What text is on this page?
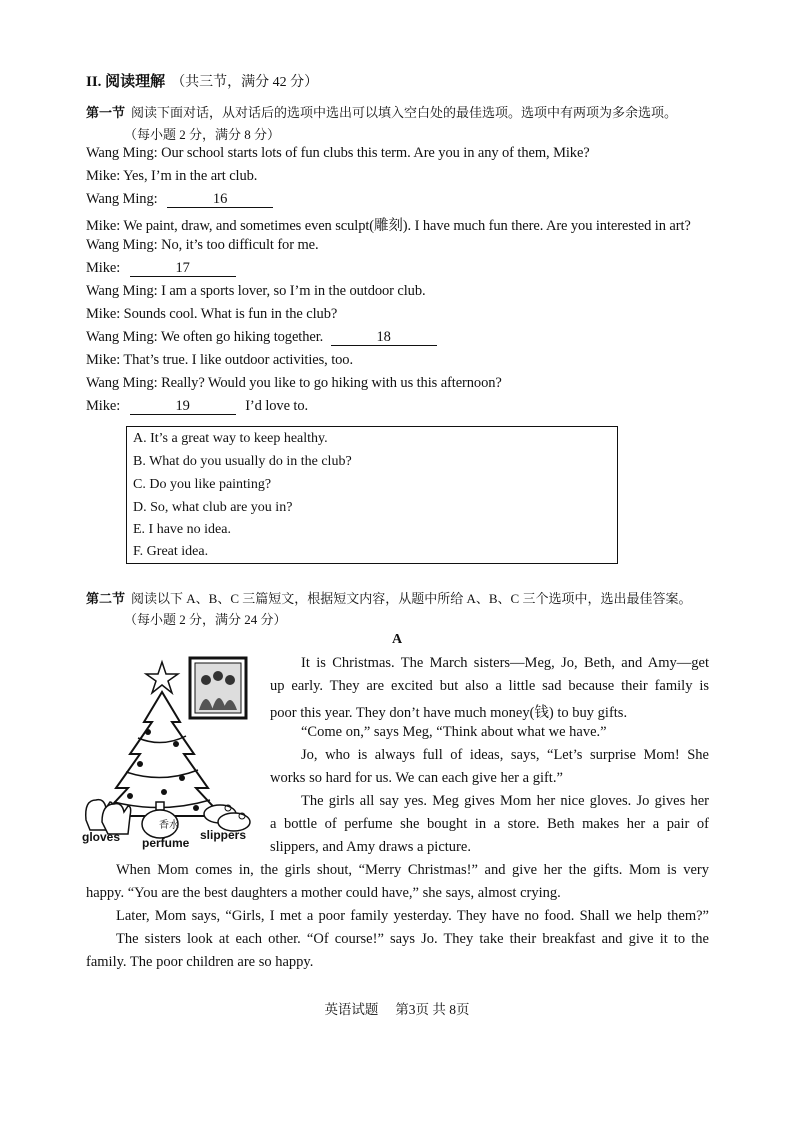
II. 阅读理解 （共三节，满分 42 分）
第一节 阅读下面对话，从对话后的选项中选出可以填入空白处的最佳选项。选项中有两项为多余选项。
（每小题 2 分，满分 8 分）
Wang Ming: Our school starts lots of fun clubs this term. Are you in any of them, Mike?
Mike: Yes, I’m in the art club.
Wang Ming:	16
Mike: We paint, draw, and sometimes even sculpt(雕刻). I have much fun there. Are you interested in art?
Wang Ming: No, it’s too difficult for me.
Mike:	17
Wang Ming: I am a sports lover, so I’m in the outdoor club.
Mike: Sounds cool. What is fun in the club?
Wang Ming: We often go hiking together.	18
Mike: That’s true. I like outdoor activities, too.
Wang Ming: Really? Would you like to go hiking with us this afternoon?
Mike:	19	I’d love to.
A. It’s a great way to keep healthy.
B. What do you usually do in the club?
C. Do you like painting?
D. So, what club are you in?
E. I have no idea.
F. Great idea.
第二节 阅读以下 A、B、C 三篇短文，根据短文内容，从题中所给 A、B、C 三个选项中，选出最佳答案。
（每小题 2 分，满分 24 分）
A
香水
gloves perfume
slippers
It is Christmas. The March sisters—Meg, Jo, Beth, and Amy—get
up early. They are excited but also a little sad because their family is
poor this year. They don’t have much money(钱) to buy gifts.
“Come on,” says Meg, “Think about what we have.”
Jo, who is always full of ideas, says, “Let’s surprise Mom! She
works so hard for us. We can each give her a gift.”
The girls all say yes. Meg gives Mom her nice gloves. Jo gives her
a bottle of perfume she bought in a store. Beth makes her a pair of
slippers, and Amy draws a picture.
When Mom comes in, the girls shout, “Merry Christmas!” and give her the gifts. Mom is very
happy. “You are the best daughters a mother could have,” she says, almost crying.
Later, Mom says, “Girls, I met a poor family yesterday. They have no food. Shall we help them?”
The sisters look at each other. “Of course!” says Jo. They take their breakfast and give it to the
family. The poor children are so happy.
英语试题　 第3页 共 8页
